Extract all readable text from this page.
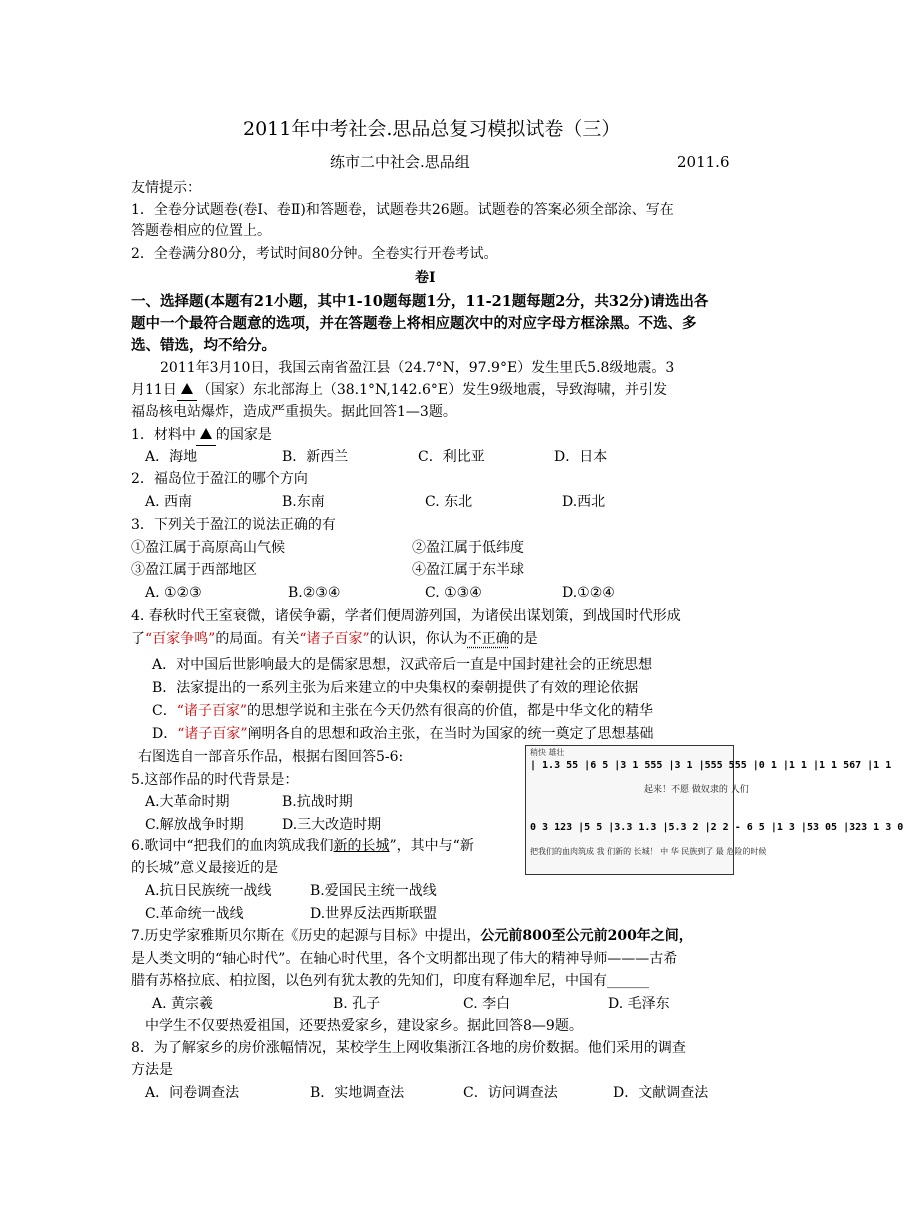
2011年中考社会.思品总复习模拟试卷（三）
练市二中社会.思品组	2011.6
友情提示：
1．全卷分试题卷(卷Ⅰ、卷Ⅱ)和答题卷，试题卷共26题。试题卷的答案必须全部涂、写在
答题卷相应的位置上。
2．全卷满分80分，考试时间80分钟。全卷实行开卷考试。
卷Ⅰ
一、选择题(本题有21小题，其中1-10题每题1分，11-21题每题2分，共32分)请选出各
题中一个最符合题意的选项，并在答题卷上将相应题次中的对应字母方框涂黑。不选、多
选、错选，均不给分。
2011年3月10日，我国云南省盈江县（24.7°N，97.9°E）发生里氏5.8级地震。3
月11日 （国家）东北部海上（38.1°N,142.6°E）发生9级地震，导致海啸，并引发
福岛核电站爆炸，造成严重损失。据此回答1—3题。
1．材料中 的国家是
A．海地	B．新西兰	C．利比亚	D．日本
2．福岛位于盈江的哪个方向
A. 西南	B.东南	C. 东北	D.西北
3．下列关于盈江的说法正确的有
①盈江属于高原高山气候	②盈江属于低纬度
③盈江属于西部地区	④盈江属于东半球
A. ①②③	B.②③④	C. ①③④	D.①②④
4. 春秋时代王室衰微，诸侯争霸，学者们便周游列国，为诸侯出谋划策，到战国时代形成
了“百家争鸣”的局面。有关“诸子百家”的认识，你认为不正确的是
A．对中国后世影响最大的是儒家思想，汉武帝后一直是中国封建社会的正统思想
B．法家提出的一系列主张为后来建立的中央集权的秦朝提供了有效的理论依据
C．“诸子百家”的思想学说和主张在今天仍然有很高的价值，都是中华文化的精华
D．“诸子百家”阐明各自的思想和政治主张，在当时为国家的统一奠定了思想基础
右图选自一部音乐作品，根据右图回答5-6:	稍快 雄壮
| 1.3 55 |6 5 |3 1 555 |3 1 |555 555 |0 1 |1 1 |1 1 567 |1 1
起来！不愿 做奴隶的 人们
0 3 123 |5 5 |3.3 1.3 |5.3 2 |2 2 - 6 5 |1 3 |53 05 |323 1 3 0
把我们的血肉筑成 我 们新的 长城！ 中 华 民族到了 最 危险的时候
5.这部作品的时代背景是：
A.大革命时期	B.抗战时期
C.解放战争时期	D.三大改造时期
6.歌词中“把我们的血肉筑成我们新的长城”，其中与“新
的长城”意义最接近的是
A.抗日民族统一战线	B.爱国民主统一战线
C.革命统一战线	D.世界反法西斯联盟
7.历史学家雅斯贝尔斯在《历史的起源与目标》中提出，公元前800至公元前200年之间，
是人类文明的“轴心时代”。在轴心时代里，各个文明都出现了伟大的精神导师———古希
腊有苏格拉底、柏拉图，以色列有犹太教的先知们，印度有释迦牟尼，中国有______
A. 黄宗羲	B. 孔子	C. 李白	D. 毛泽东
中学生不仅要热爱祖国，还要热爱家乡，建设家乡。据此回答8—9题。
8．为了解家乡的房价涨幅情况，某校学生上网收集浙江各地的房价数据。他们采用的调查
方法是
A．问卷调查法	B．实地调查法	C．访问调查法	D．文献调查法
